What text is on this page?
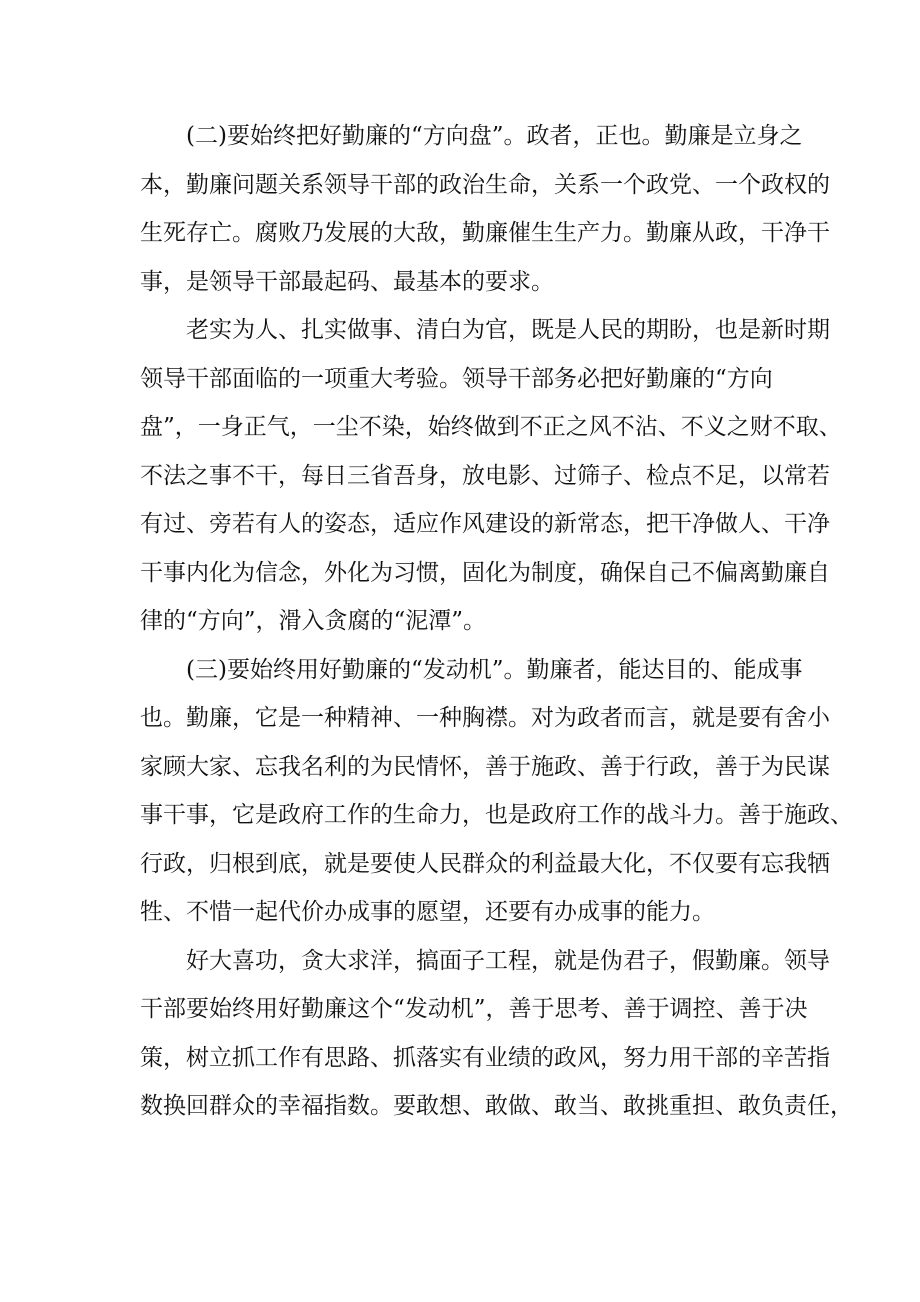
(二)要始终把好勤廉的“方向盘”。政者，正也。勤廉是立身之
本，勤廉问题关系领导干部的政治生命，关系一个政党、一个政权的
生死存亡。腐败乃发展的大敌，勤廉催生生产力。勤廉从政，干净干
事，是领导干部最起码、最基本的要求。

老实为人、扎实做事、清白为官，既是人民的期盼，也是新时期
领导干部面临的一项重大考验。领导干部务必把好勤廉的“方向
盘”，一身正气，一尘不染，始终做到不正之风不沾、不义之财不取、
不法之事不干，每日三省吾身，放电影、过筛子、检点不足，以常若
有过、旁若有人的姿态，适应作风建设的新常态，把干净做人、干净
干事内化为信念，外化为习惯，固化为制度，确保自己不偏离勤廉自
律的“方向”，滑入贪腐的“泥潭”。

(三)要始终用好勤廉的“发动机”。勤廉者，能达目的、能成事
也。勤廉，它是一种精神、一种胸襟。对为政者而言，就是要有舍小
家顾大家、忘我名利的为民情怀，善于施政、善于行政，善于为民谋
事干事，它是政府工作的生命力，也是政府工作的战斗力。善于施政、
行政，归根到底，就是要使人民群众的利益最大化，不仅要有忘我牺
牲、不惜一起代价办成事的愿望，还要有办成事的能力。

好大喜功，贪大求洋，搞面子工程，就是伪君子，假勤廉。领导
干部要始终用好勤廉这个“发动机”，善于思考、善于调控、善于决
策，树立抓工作有思路、抓落实有业绩的政风，努力用干部的辛苦指
数换回群众的幸福指数。要敢想、敢做、敢当、敢挑重担、敢负责任，
